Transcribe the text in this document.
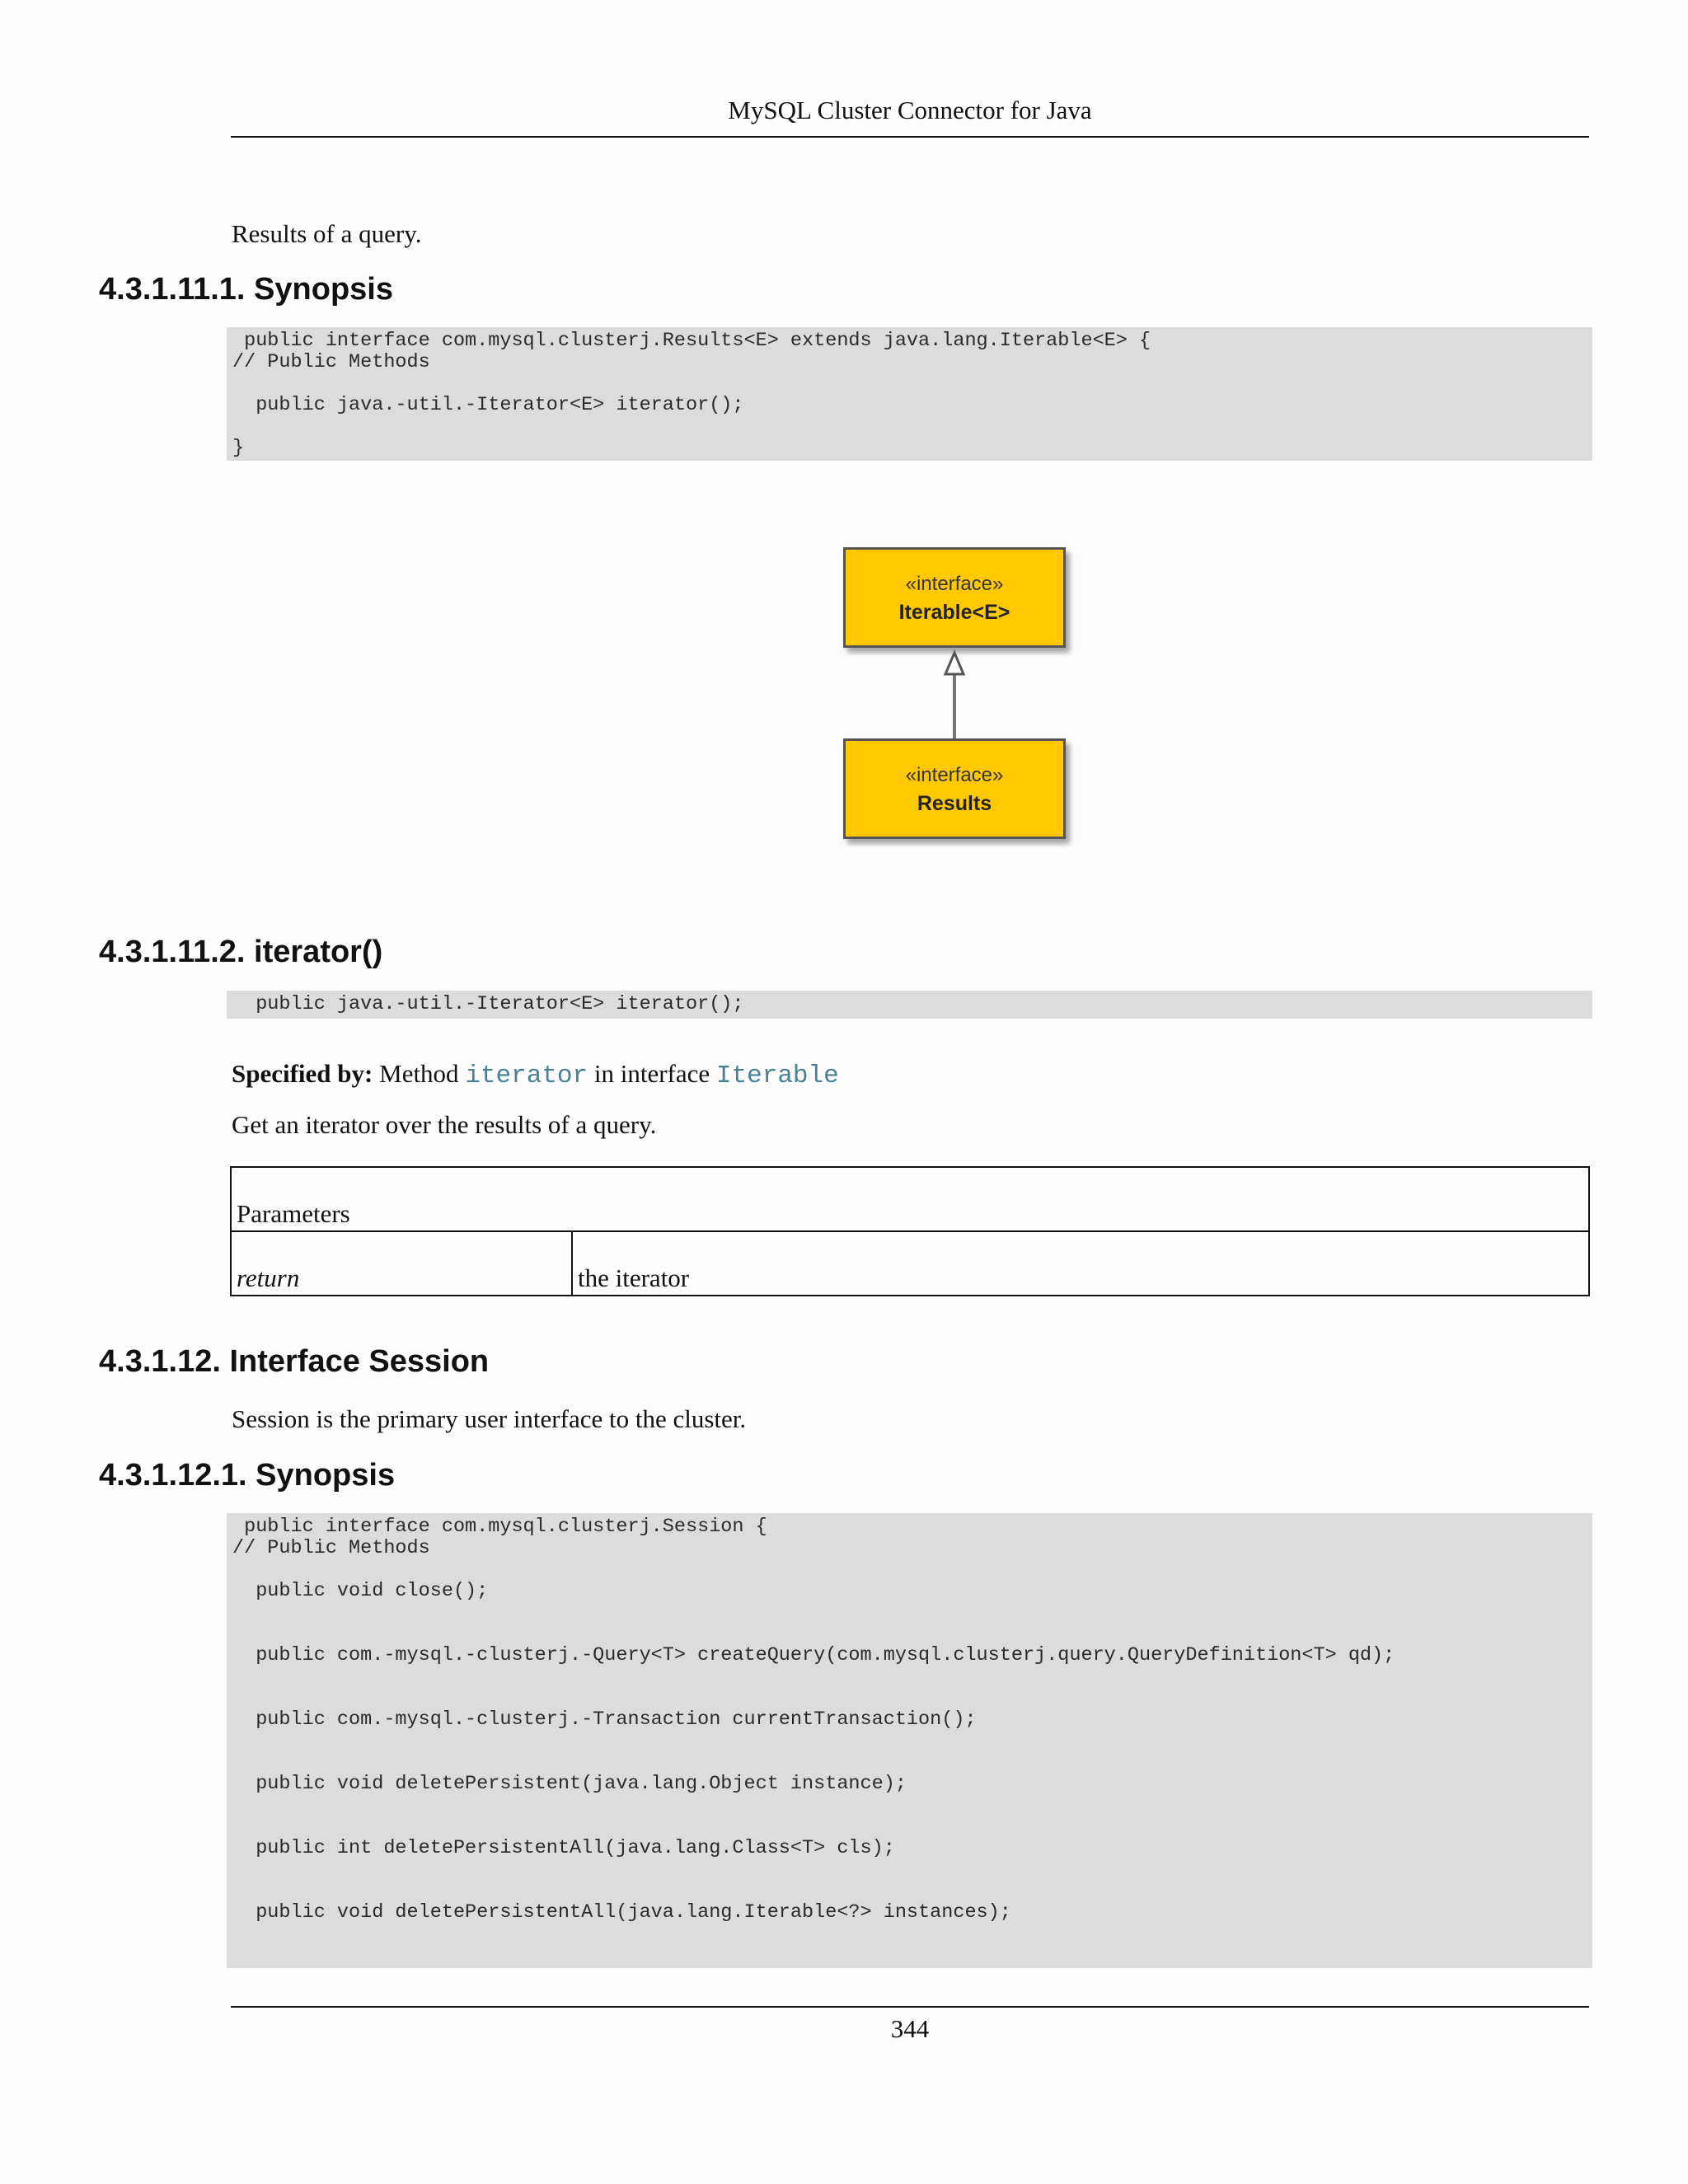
MySQL Cluster Connector for Java
Results of a query.
4.3.1.11.1. Synopsis
public interface com.mysql.clusterj.Results<E> extends java.lang.Iterable<E> {
// Public Methods

public java.-util.-Iterator<E> iterator();

}
«interface»
Iterable<E>
«interface»
Results
4.3.1.11.2. iterator()
public java.-util.-Iterator<E> iterator();
Specified by: Method iterator in interface Iterable
Get an iterator over the results of a query.
Parameters
return	the iterator
4.3.1.12. Interface Session
Session is the primary user interface to the cluster.
4.3.1.12.1. Synopsis
public interface com.mysql.clusterj.Session {
// Public Methods

public void close();

public com.-mysql.-clusterj.-Query<T> createQuery(com.mysql.clusterj.query.QueryDefinition<T> qd);

public com.-mysql.-clusterj.-Transaction currentTransaction();

public void deletePersistent(java.lang.Object instance);

public int deletePersistentAll(java.lang.Class<T> cls);

public void deletePersistentAll(java.lang.Iterable<?> instances);
344
